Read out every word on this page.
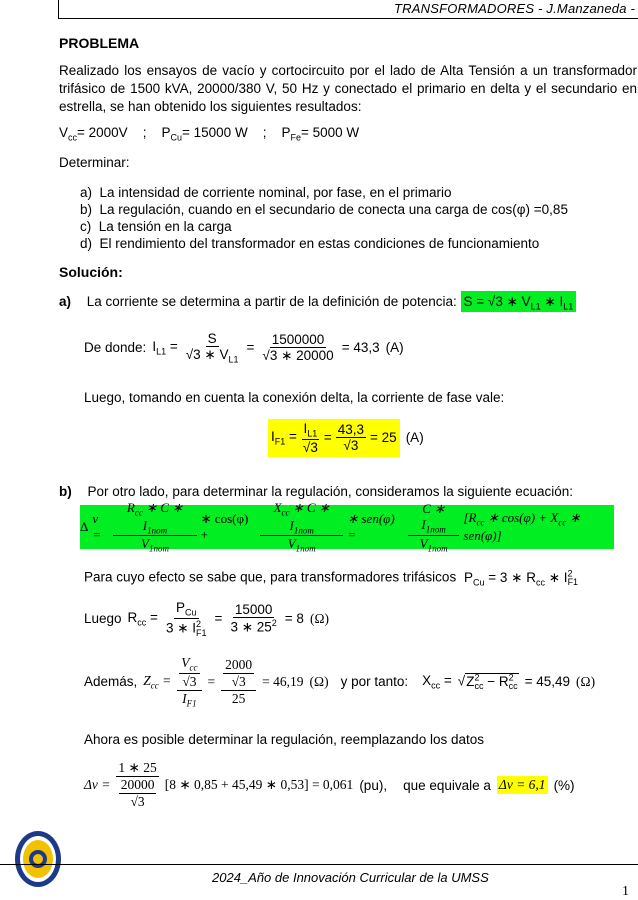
TRANSFORMADORES - J.Manzaneda -
PROBLEMA
Realizado los ensayos de vacío y cortocircuito por el lado de Alta Tensión a un transformador trifásico de 1500 kVA, 20000/380 V, 50 Hz y conectado el primario en delta y el secundario en estrella, se han obtenido los siguientes resultados:
$V_{cc}= 2000V$ ; $P_{Cu}= 15000$ W ; $P_{Fe}= 5000$ W
Determinar:
a)  La intensidad de corriente nominal, por fase, en el primario
b)  La regulación, cuando en el secundario de conecta una carga de cos(φ) =0,85
c)  La tensión en la carga
d)  El rendimiento del transformador en estas condiciones de funcionamiento
Solución:
a) La corriente se determina a partir de la definición de potencia: S = √3 ∗ $V_{L1}$ ∗ $I_{L1}$
De donde: $I_{L1} = \frac{S}{√3 ∗ V_{L1}} = \frac{1500000}{√3 ∗ 20000} = 43,3$ (A)
Luego, tomando en cuenta la conexión delta, la corriente de fase vale:
$I_{F1} = \frac{I_{L1}}{√3} = \frac{43,3}{√3} = 25$ (A)
b) Por otro lado, para determinar la regulación, consideramos la siguiente ecuación:
Δ
$v = \frac{R_{cc} ∗ C ∗ I_{1nom}}{V_{1nom}}$ ∗ cos(φ) +	$\frac{X_{cc} ∗ C ∗ I_{1nom}}{V_{1nom}}$ ∗ sen(φ) =	$\frac{C ∗ I_{1nom}}{V_{1nom}} [R_{cc}$ ∗ $\cos(\varphi) + X_{cc}$ ∗ sen(φ)]
Para cuyo efecto se sabe que, para transformadores trifásicos $P_{Cu} = 3$ ∗ $R_{cc}$ ∗ $I^2_{F1}$
Luego $R_{cc} = \frac{P_{Cu}}{3 ∗ I^2_{F1}} = \frac{15000}{3 ∗ 25^2} = 8$ (Ω)
Además, $Z_{cc} = \frac{\frac{V_{cc}}{√3}}{I_{F1}} = \frac{\frac{2000}{√3}}{25} = 46,19$ (Ω) y por tanto: $X_{cc} = √Z^2_{cc} - R^2_{cc} = 45,49$ (Ω)
Ahora es posible determinar la regulación, reemplazando los datos
$\Delta v = \frac{1 ∗ 25}{\frac{20000}{√3}} [8$ ∗ 0,85 + 45,49 ∗ 0,53] = 0,061 (pu), que equivale a Δv = 6,1 (%)
2024_Año de Innovación Curricular de la UMSS
1
